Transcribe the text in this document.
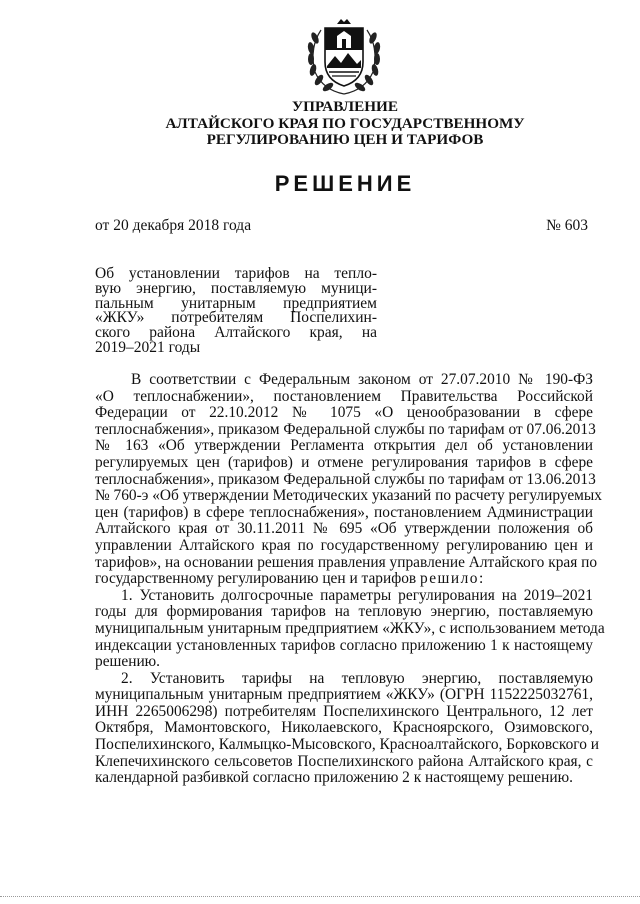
УПРАВЛЕНИЕ
АЛТАЙСКОГО КРАЯ ПО ГОСУДАРСТВЕННОМУ
РЕГУЛИРОВАНИЮ ЦЕН И ТАРИФОВ
РЕШЕНИЕ
от 20 декабря 2018 года	№ 603
Об установлении тарифов на тепло-
вую энергию, поставляемую муници-
пальным унитарным предприятием
«ЖКУ» потребителям Поспелихин-
ского района Алтайского края, на
2019–2021 годы
В соответствии с Федеральным законом от 27.07.2010 № 190-ФЗ
«О теплоснабжении», постановлением Правительства Российской
Федерации от 22.10.2012 № 1075 «О ценообразовании в сфере
теплоснабжения», приказом Федеральной службы по тарифам от 07.06.2013
№ 163 «Об утверждении Регламента открытия дел об установлении
регулируемых цен (тарифов) и отмене регулирования тарифов в сфере
теплоснабжения», приказом Федеральной службы по тарифам от 13.06.2013
№ 760-э «Об утверждении Методических указаний по расчету регулируемых
цен (тарифов) в сфере теплоснабжения», постановлением Администрации
Алтайского края от 30.11.2011 № 695 «Об утверждении положения об
управлении Алтайского края по государственному регулированию цен и
тарифов», на основании решения правления управление Алтайского края по
государственному регулированию цен и тарифов решило:
1. Установить долгосрочные параметры регулирования на 2019–2021
годы для формирования тарифов на тепловую энергию, поставляемую
муниципальным унитарным предприятием «ЖКУ», с использованием метода
индексации установленных тарифов согласно приложению 1 к настоящему
решению.
2. Установить тарифы на тепловую энергию, поставляемую
муниципальным унитарным предприятием «ЖКУ» (ОГРН 1152225032761,
ИНН 2265006298) потребителям Поспелихинского Центрального, 12 лет
Октября, Мамонтовского, Николаевского, Красноярского, Озимовского,
Поспелихинского, Калмыцко-Мысовского, Красноалтайского, Борковского и
Клепечихинского сельсоветов Поспелихинского района Алтайского края, с
календарной разбивкой согласно приложению 2 к настоящему решению.
